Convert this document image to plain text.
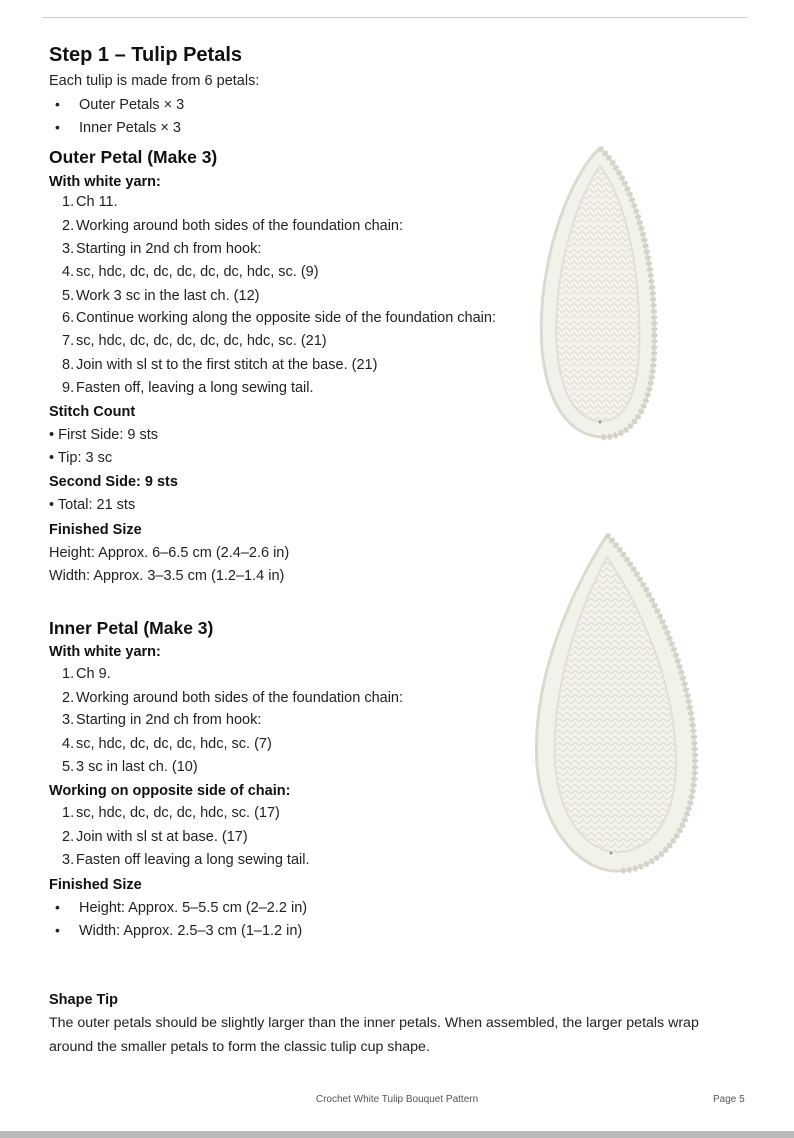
Step 1 – Tulip Petals
Each tulip is made from 6 petals:
• Outer Petals × 3
• Inner Petals × 3
Outer Petal (Make 3)
With white yarn:
1. Ch 11.
2. Working around both sides of the foundation chain:
3. Starting in 2nd ch from hook:
4. sc, hdc, dc, dc, dc, dc, dc, hdc, sc. (9)
5. Work 3 sc in the last ch. (12)
6. Continue working along the opposite side of the foundation chain:
7. sc, hdc, dc, dc, dc, dc, dc, hdc, sc. (21)
8. Join with sl st to the first stitch at the base. (21)
9. Fasten off, leaving a long sewing tail.
Stitch Count
• First Side: 9 sts
• Tip: 3 sc
Second Side: 9 sts
• Total: 21 sts
Finished Size
Height: Approx. 6–6.5 cm (2.4–2.6 in)
Width: Approx. 3–3.5 cm (1.2–1.4 in)
Inner Petal (Make 3)
With white yarn:
1. Ch 9.
2. Working around both sides of the foundation chain:
3. Starting in 2nd ch from hook:
4. sc, hdc, dc, dc, dc, hdc, sc. (7)
5. 3 sc in last ch. (10)
Working on opposite side of chain:
1. sc, hdc, dc, dc, dc, hdc, sc. (17)
2. Join with sl st at base. (17)
3. Fasten off leaving a long sewing tail.
Finished Size
• Height: Approx. 5–5.5 cm (2–2.2 in)
• Width: Approx. 2.5–3 cm (1–1.2 in)
Shape Tip
The outer petals should be slightly larger than the inner petals. When assembled, the larger petals wrap
around the smaller petals to form the classic tulip cup shape.
Crochet White Tulip Bouquet Pattern	Page 5
